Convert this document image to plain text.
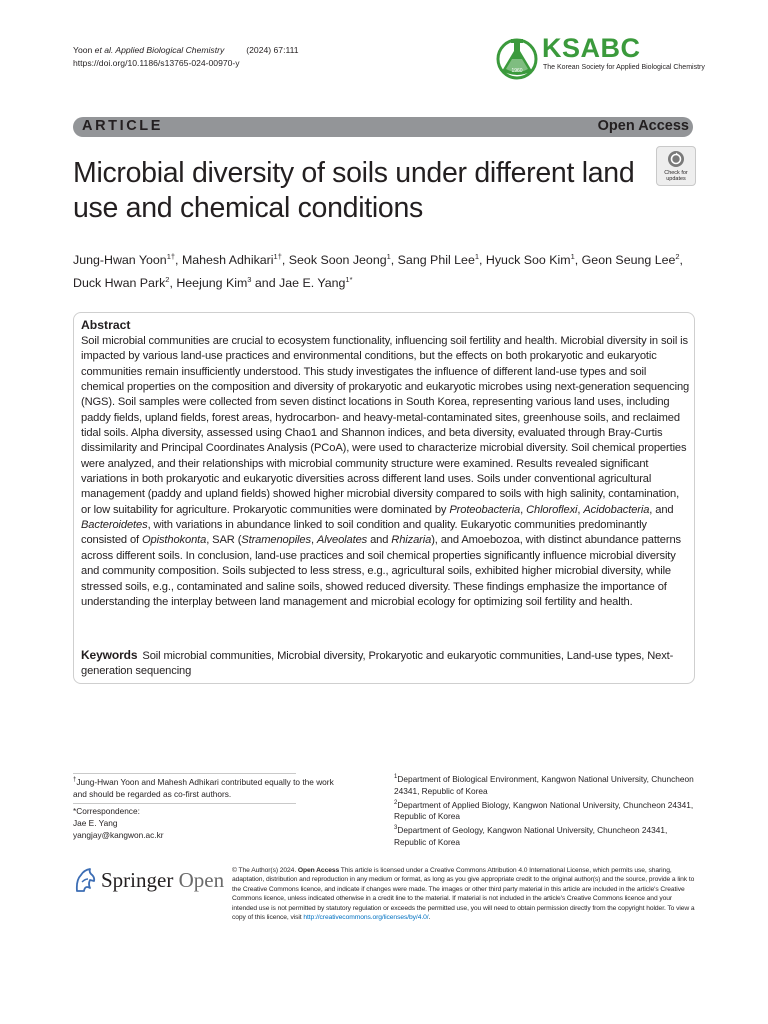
Yoon et al. Applied Biological Chemistry	(2024) 67:111
https://doi.org/10.1186/s13765-024-00970-y
1960
KSABC
The Korean Society for Applied Biological Chemistry
ARTICLE	Open Access
Microbial diversity of soils under different land use and chemical conditions
Check for
updates
Jung-Hwan Yoon$^{1\dagger}$, Mahesh Adhikari$^{1\dagger}$, Seok Soon Jeong$^1$, Sang Phil Lee$^1$, Hyuck Soo Kim$^1$, Geon Seung Lee$^2$, Duck Hwan Park$^2$, Heejung Kim$^3$ and Jae E. Yang$^{1*}$
Abstract
Soil microbial communities are crucial to ecosystem functionality, influencing soil fertility and health. Microbial diversity in soil is impacted by various land-use practices and environmental conditions, but the effects on both prokaryotic and eukaryotic communities remain insufficiently understood. This study investigates the influence of different land-use types and soil chemical properties on the composition and diversity of prokaryotic and eukaryotic microbes using next-generation sequencing (NGS). Soil samples were collected from seven distinct locations in South Korea, representing various land uses, including paddy fields, upland fields, forest areas, hydrocarbon- and heavy-metal-contaminated sites, greenhouse soils, and reclaimed tidal soils. Alpha diversity, assessed using Chao1 and Shannon indices, and beta diversity, evaluated through Bray-Curtis dissimilarity and Principal Coordinates Analysis (PCoA), were used to characterize microbial diversity. Soil chemical properties were analyzed, and their relationships with microbial community structure were examined. Results revealed significant variations in both prokaryotic and eukaryotic diversities across different land uses. Soils under conventional agricultural management (paddy and upland fields) showed higher microbial diversity compared to soils with high salinity, contamination, or low suitability for agriculture. Prokaryotic communities were dominated by Proteobacteria, Chloroflexi, Acidobacteria, and Bacteroidetes, with variations in abundance linked to soil condition and quality. Eukaryotic communities predominantly consisted of Opisthokonta, SAR (Stramenopiles, Alveolates and Rhizaria), and Amoebozoa, with distinct abundance patterns across different soils. In conclusion, land-use practices and soil chemical properties significantly influence microbial diversity and community composition. Soils subjected to less stress, e.g., agricultural soils, exhibited higher microbial diversity, while stressed soils, e.g., contaminated and saline soils, showed reduced diversity. These findings emphasize the importance of understanding the interplay between land management and microbial ecology for optimizing soil fertility and health.
Keywords Soil microbial communities, Microbial diversity, Prokaryotic and eukaryotic communities, Land-use types, Next-generation sequencing
†Jung-Hwan Yoon and Mahesh Adhikari contributed equally to the work and should be regarded as co-first authors.
*Correspondence:
Jae E. Yang
yangjay@kangwon.ac.kr
$^1$Department of Biological Environment, Kangwon National University, Chuncheon 24341, Republic of Korea
$^2$Department of Applied Biology, Kangwon National University, Chuncheon 24341, Republic of Korea
$^3$Department of Geology, Kangwon National University, Chuncheon 24341, Republic of Korea
Springer Open © The Author(s) 2024. Open Access This article is licensed under a Creative Commons Attribution 4.0 International License, which permits use, sharing, adaptation, distribution and reproduction in any medium or format, as long as you give appropriate credit to the original author(s) and the source, provide a link to the Creative Commons licence, and indicate if changes were made. The images or other third party material in this article are included in the article's Creative Commons licence, unless indicated otherwise in a credit line to the material. If material is not included in the article's Creative Commons licence and your intended use is not permitted by statutory regulation or exceeds the permitted use, you will need to obtain permission directly from the copyright holder. To view a copy of this licence, visit http://creativecommons.org/licenses/by/4.0/.
